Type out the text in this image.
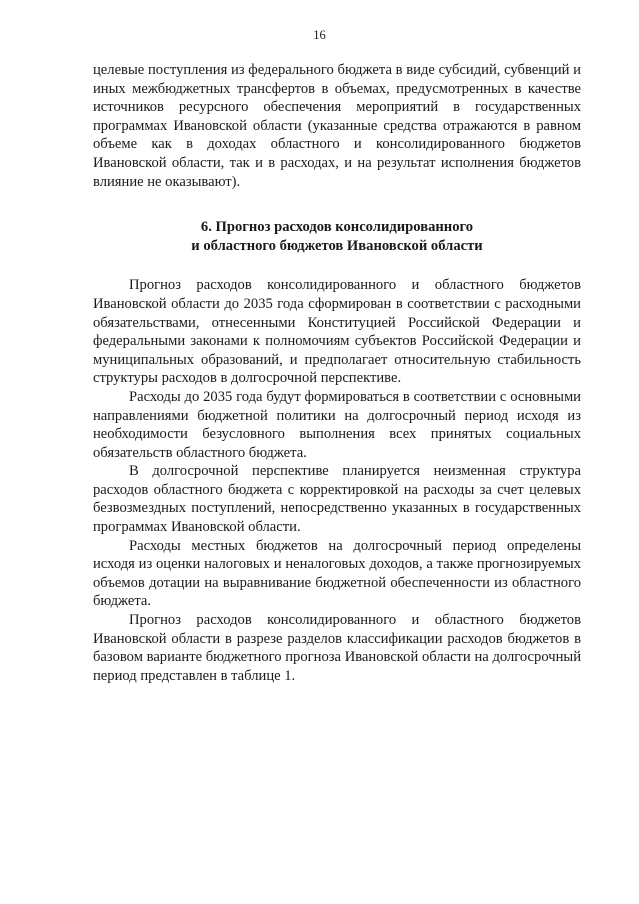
16

целевые поступления из федерального бюджета в виде субсидий, субвенций и иных межбюджетных трансфертов в объемах, предусмотренных в качестве источников ресурсного обеспечения мероприятий в государственных программах Ивановской области (указанные средства отражаются в равном объеме как в доходах областного и консолидированного бюджетов Ивановской области, так и в расходах, и на результат исполнения бюджетов влияние не оказывают).

6. Прогноз расходов консолидированного
и областного бюджетов Ивановской области

Прогноз расходов консолидированного и областного бюджетов Ивановской области до 2035 года сформирован в соответствии с расходными обязательствами, отнесенными Конституцией Российской Федерации и федеральными законами к полномочиям субъектов Российской Федерации и муниципальных образований, и предполагает относительную стабильность структуры расходов в долгосрочной перспективе.

Расходы до 2035 года будут формироваться в соответствии с основными направлениями бюджетной политики на долгосрочный период исходя из необходимости безусловного выполнения всех принятых социальных обязательств областного бюджета.

В долгосрочной перспективе планируется неизменная структура расходов областного бюджета с корректировкой на расходы за счет целевых безвозмездных поступлений, непосредственно указанных в государственных программах Ивановской области.

Расходы местных бюджетов на долгосрочный период определены исходя из оценки налоговых и неналоговых доходов, а также прогнозируемых объемов дотации на выравнивание бюджетной обеспеченности из областного бюджета.

Прогноз расходов консолидированного и областного бюджетов Ивановской области в разрезе разделов классификации расходов бюджетов в базовом варианте бюджетного прогноза Ивановской области на долгосрочный период представлен в таблице 1.
